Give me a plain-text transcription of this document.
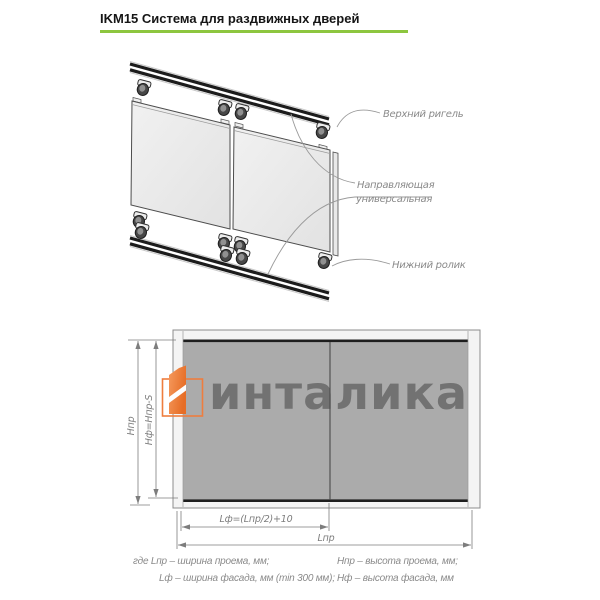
IKM15 Система для раздвижных дверей
Верхний ригель
Направляющая
универсальная
Нижний ролик
Нпр Нф=Нпр-S
Lф=(Lпр/2)+10
Lпр
инталика
где Lпр – ширина проема, мм;
Lф – ширина фасада, мм (min 300 мм);
Нпр – высота проема, мм;
Нф – высота фасада, мм
